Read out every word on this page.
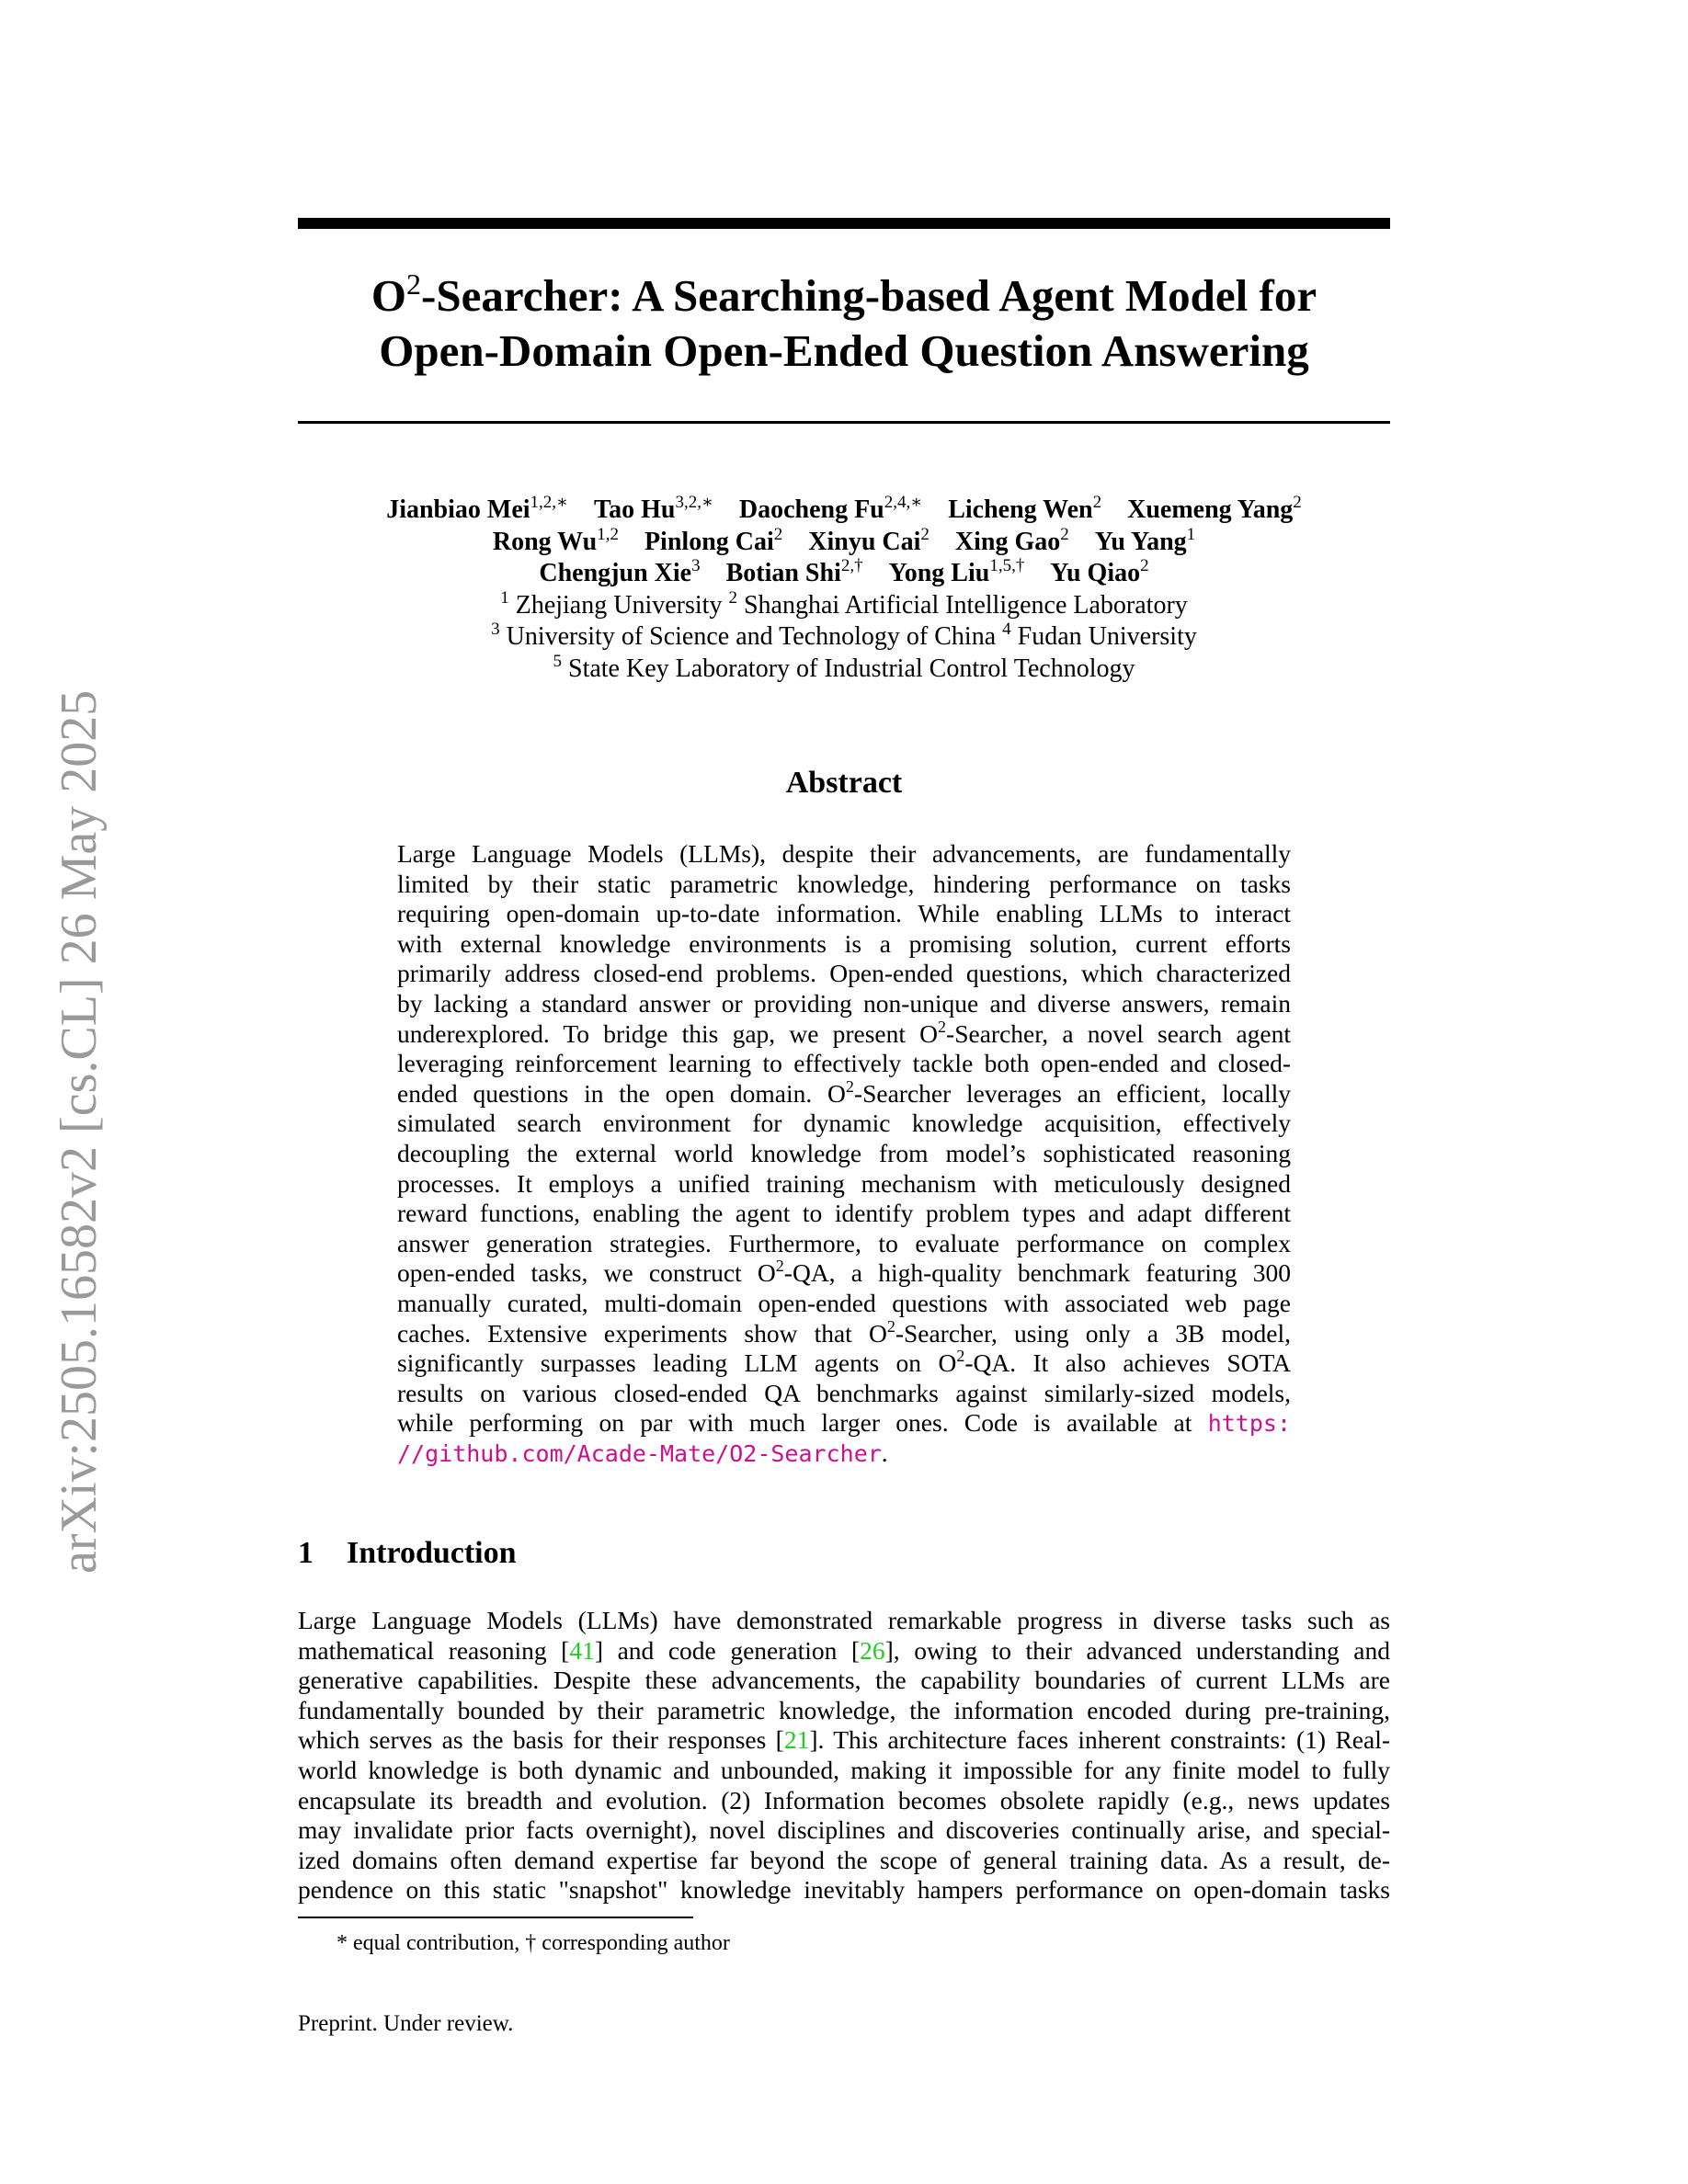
arXiv:2505.16582v2 [cs.CL] 26 May 2025
$O^2$-Searcher: A Searching-based Agent Model for
Open-Domain Open-Ended Question Answering
Jianbiao Mei$^{1,2,∗}$ Tao $Hu^{3,2,∗}$ Daocheng $Fu^{2,4,∗}$ Licheng Wen$^2$ Xuemeng Yang$^2$
Rong Wu$^{1,2}$ Pinlong Cai$^2$ Xinyu Cai$^2$ Xing Gao$^2$ Yu Yang$^1$
Chengjun Xie$^3$ Botian Shi$^{2,\dagger}$ Yong Liu$^{1,5,\dagger}$ Yu Qiao$^2$
$^1$ Zhejiang University $^2$ Shanghai Artificial Intelligence Laboratory
$^3$ University of Science and Technology of China $^4$ Fudan University
$^5$ State Key Laboratory of Industrial Control Technology
Abstract
Large Language Models (LLMs), despite their advancements, are fundamentally
limited by their static parametric knowledge, hindering performance on tasks
requiring open-domain up-to-date information. While enabling LLMs to interact
with external knowledge environments is a promising solution, current efforts
primarily address closed-end problems. Open-ended questions, which characterized
by lacking a standard answer or providing non-unique and diverse answers, remain
underexplored. To bridge this gap, we present $O^2$-Searcher, a novel search agent
leveraging reinforcement learning to effectively tackle both open-ended and closed-
ended questions in the open domain. $O^2$-Searcher leverages an efficient, locally
simulated search environment for dynamic knowledge acquisition, effectively
decoupling the external world knowledge from model’s sophisticated reasoning
processes. It employs a unified training mechanism with meticulously designed
reward functions, enabling the agent to identify problem types and adapt different
answer generation strategies. Furthermore, to evaluate performance on complex
open-ended tasks, we construct $O^2-QA$, a high-quality benchmark featuring 300
manually curated, multi-domain open-ended questions with associated web page
caches. Extensive experiments show that $O^2$-Searcher, using only a 3B model,
significantly surpasses leading LLM agents on $O^2-QA$. It also achieves SOTA
results on various closed-ended QA benchmarks against similarly-sized models,
while performing on par with much larger ones. Code is available at https:
//github.com/Acade-Mate/O2-Searcher.
1 Introduction
Large Language Models (LLMs) have demonstrated remarkable progress in diverse tasks such as
mathematical reasoning [41] and code generation [26], owing to their advanced understanding and
generative capabilities. Despite these advancements, the capability boundaries of current LLMs are
fundamentally bounded by their parametric knowledge, the information encoded during pre-training,
which serves as the basis for their responses [21]. This architecture faces inherent constraints: (1) Real-
world knowledge is both dynamic and unbounded, making it impossible for any finite model to fully
encapsulate its breadth and evolution. (2) Information becomes obsolete rapidly (e.g., news updates
may invalidate prior facts overnight), novel disciplines and discoveries continually arise, and special-
ized domains often demand expertise far beyond the scope of general training data. As a result, de-
pendence on this static "snapshot" knowledge inevitably hampers performance on open-domain tasks
* equal contribution, † corresponding author
Preprint. Under review.
